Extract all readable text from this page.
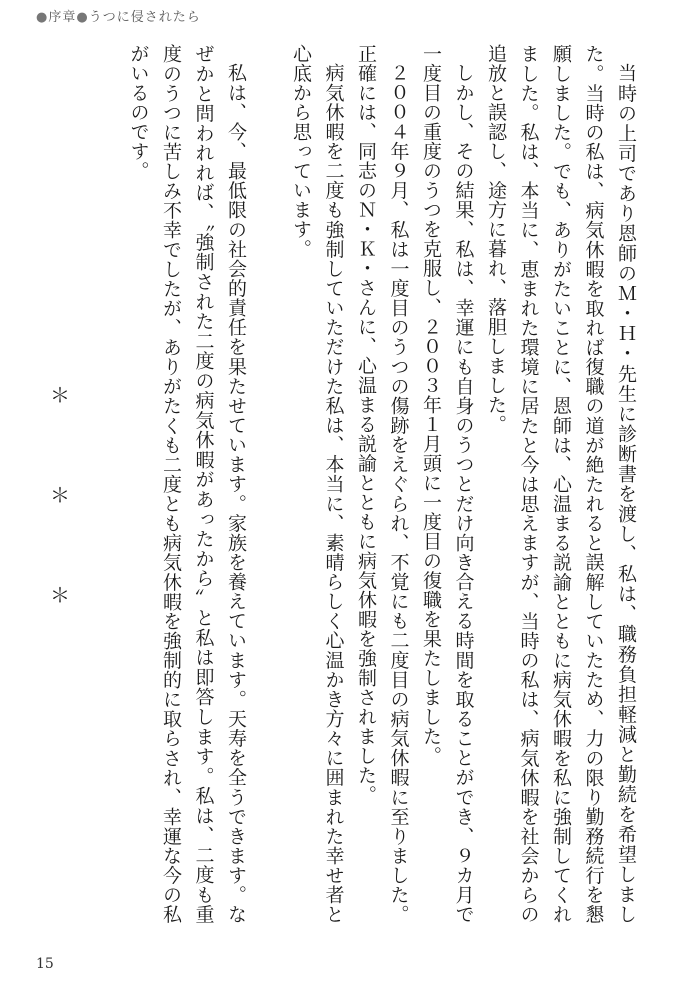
●序章●うつに侵されたら

当時の上司であり恩師のＭ・Ｈ・先生に診断書を渡し、私は、職務負担軽減と勤続を希望しました。当時の私は、病気休暇を取れば復職の道が絶たれると誤解していたため、力の限り勤務続行を懇願しました。でも、ありがたいことに、恩師は、心温まる説諭とともに病気休暇を私に強制してくれました。私は、本当に、恵まれた環境に居たと今は思えますが、当時の私は、病気休暇を社会からの追放と誤認し、途方に暮れ、落胆しました。

しかし、その結果、私は、幸運にも自身のうつとだけ向き合える時間を取ることができ、９カ月で一度目の重度のうつを克服し、２００３年１月頭に一度目の復職を果たしました。

２００４年９月、私は一度目のうつの傷跡をえぐられ、不覚にも二度目の病気休暇に至りました。正確には、同志のＮ・Ｋ・さんに、心温まる説諭とともに病気休暇を強制されました。

病気休暇を二度も強制していただけた私は、本当に、素晴らしく心温かき方々に囲まれた幸せ者と心底から思っています。

私は、今、最低限の社会的責任を果たせています。家族を養えています。天寿を全うできます。なぜかと問われれば、〝強制された二度の病気休暇があったから〟と私は即答します。私は、二度も重度のうつに苦しみ不幸でしたが、ありがたくも二度とも病気休暇を強制的に取らされ、幸運な今の私がいるのです。

＊
＊
＊
15
